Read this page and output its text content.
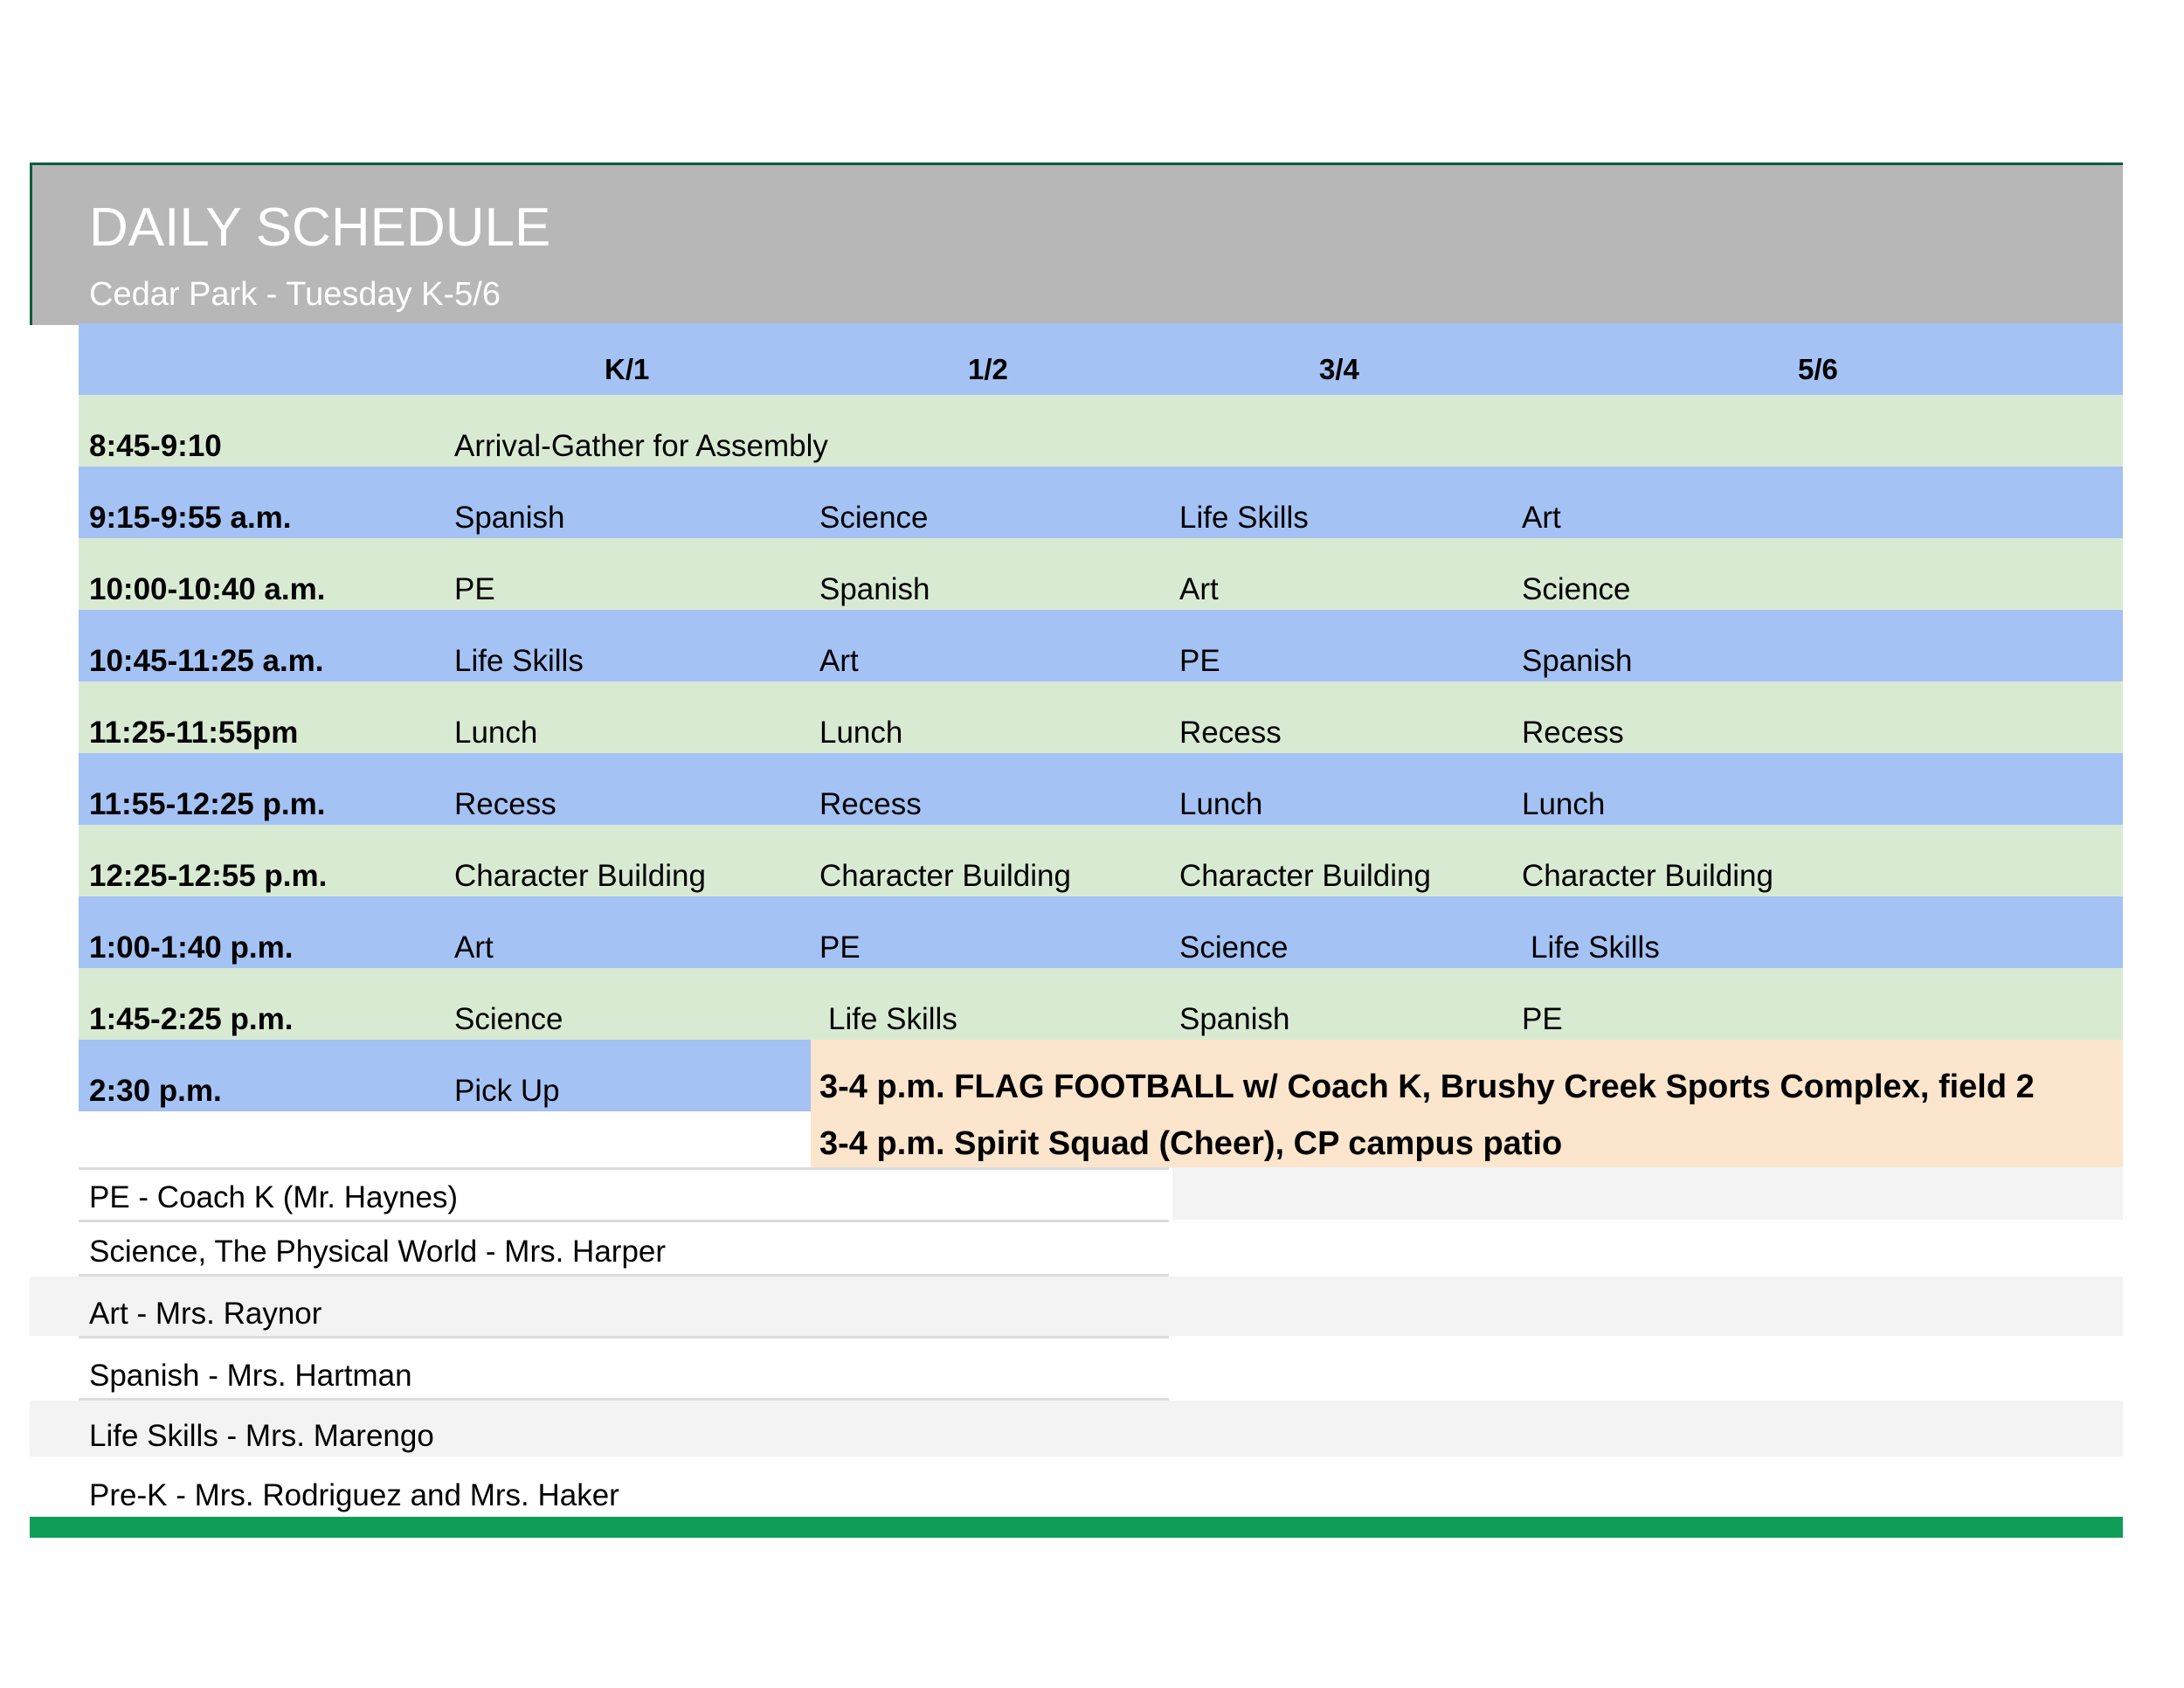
DAILY SCHEDULE
Cedar Park - Tuesday K-5/6
K/1	1/2	3/4	5/6
8:45-9:10	Arrival-Gather for Assembly
9:15-9:55 a.m.	Spanish	Science	Life Skills	Art
10:00-10:40 a.m.	PE	Spanish	Art	Science
10:45-11:25 a.m.	Life Skills	Art	PE	Spanish
11:25-11:55pm	Lunch	Lunch	Recess	Recess
11:55-12:25 p.m.	Recess	Recess	Lunch	Lunch
12:25-12:55 p.m.	Character Building	Character Building	Character Building	Character Building
1:00-1:40 p.m.	Art	PE	Science	Life Skills
1:45-2:25 p.m.	Science	Life Skills	Spanish	PE
2:30 p.m.	Pick Up	3-4 p.m. FLAG FOOTBALL w/ Coach K, Brushy Creek Sports Complex, field 2
3-4 p.m. Spirit Squad (Cheer), CP campus patio
PE - Coach K (Mr. Haynes)
Science, The Physical World - Mrs. Harper
Art - Mrs. Raynor
Spanish - Mrs. Hartman
Life Skills - Mrs. Marengo
Pre-K - Mrs. Rodriguez and Mrs. Haker
